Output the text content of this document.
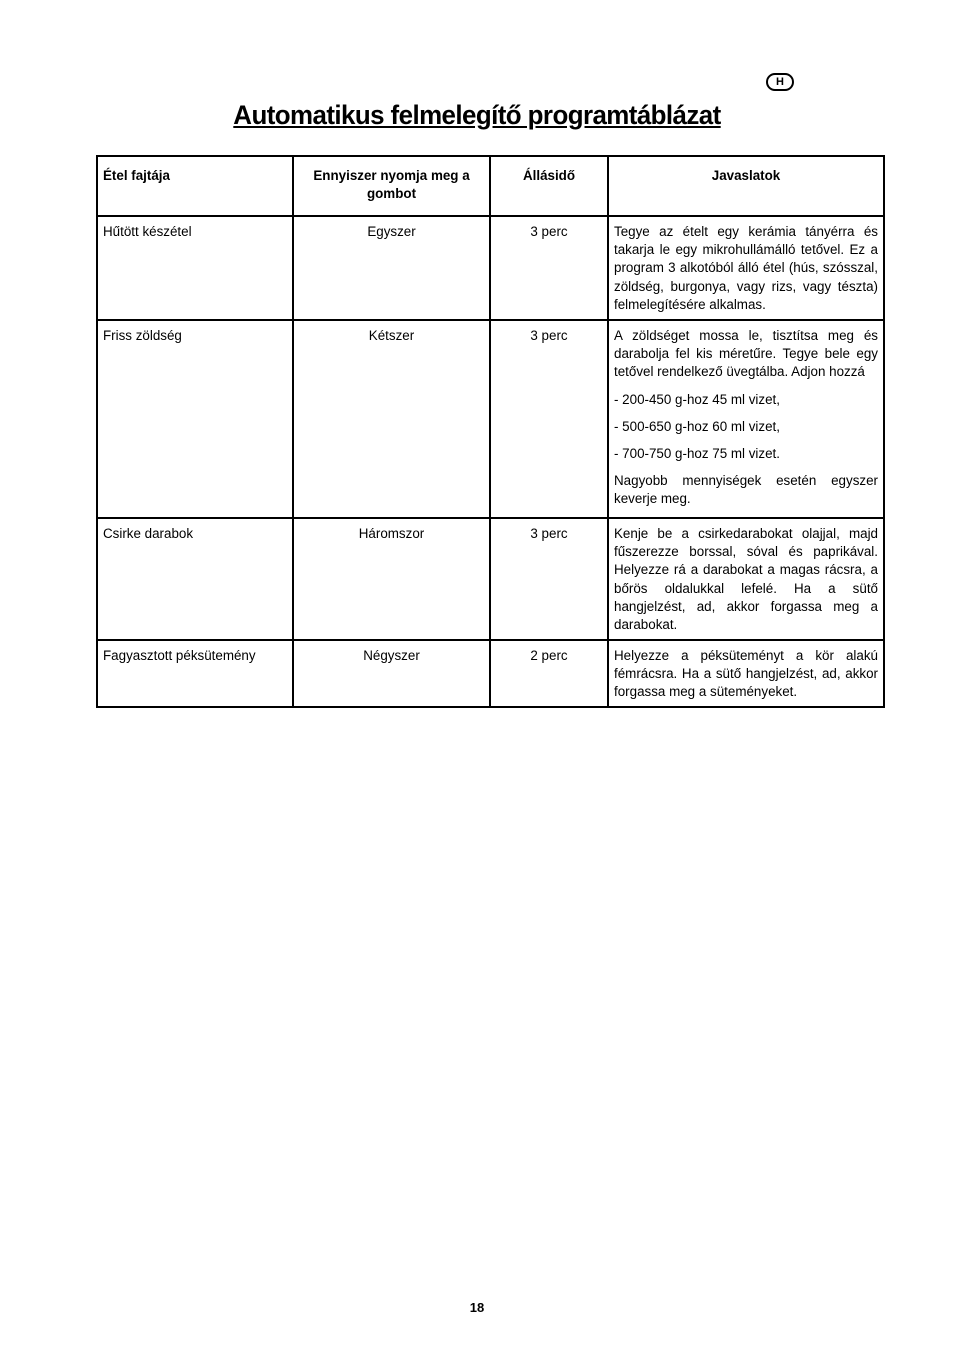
H
Automatikus felmelegítő programtáblázat
Étel fajtája	Ennyiszer nyomja meg a gombot	Állásidő	Javaslatok
Hűtött készétel	Egyszer	3 perc	Tegye az ételt egy kerámia tányérra és takarja le egy mikrohullámálló tetővel. Ez a program 3 alkotóból álló étel (hús, szósszal, zöldség, burgonya, vagy rizs, vagy tészta) felmelegítésére alkalmas.

Friss zöldség	Kétszer	3 perc	A zöldséget mossa le, tisztítsa meg és darabolja fel kis méretűre. Tegye bele egy tetővel rendelkező üvegtálba. Adjon hozzá

- 200-450 g-hoz 45 ml vizet,

- 500-650 g-hoz 60 ml vizet,

- 700-750 g-hoz 75 ml vizet.

Nagyobb mennyiségek esetén egyszer keverje meg.

Csirke darabok	Háromszor	3 perc	Kenje be a csirkedarabokat olajjal, majd fűszerezze borssal, sóval és paprikával. Helyezze rá a darabokat a magas rácsra, a bőrös oldalukkal lefelé. Ha a sütő hangjelzést, ad, akkor forgassa meg a darabokat.

Fagyasztott péksütemény	Négyszer	2 perc	Helyezze a péksüteményt a kör alakú fémrácsra. Ha a sütő hangjelzést, ad, akkor forgassa meg a süteményeket.

18
